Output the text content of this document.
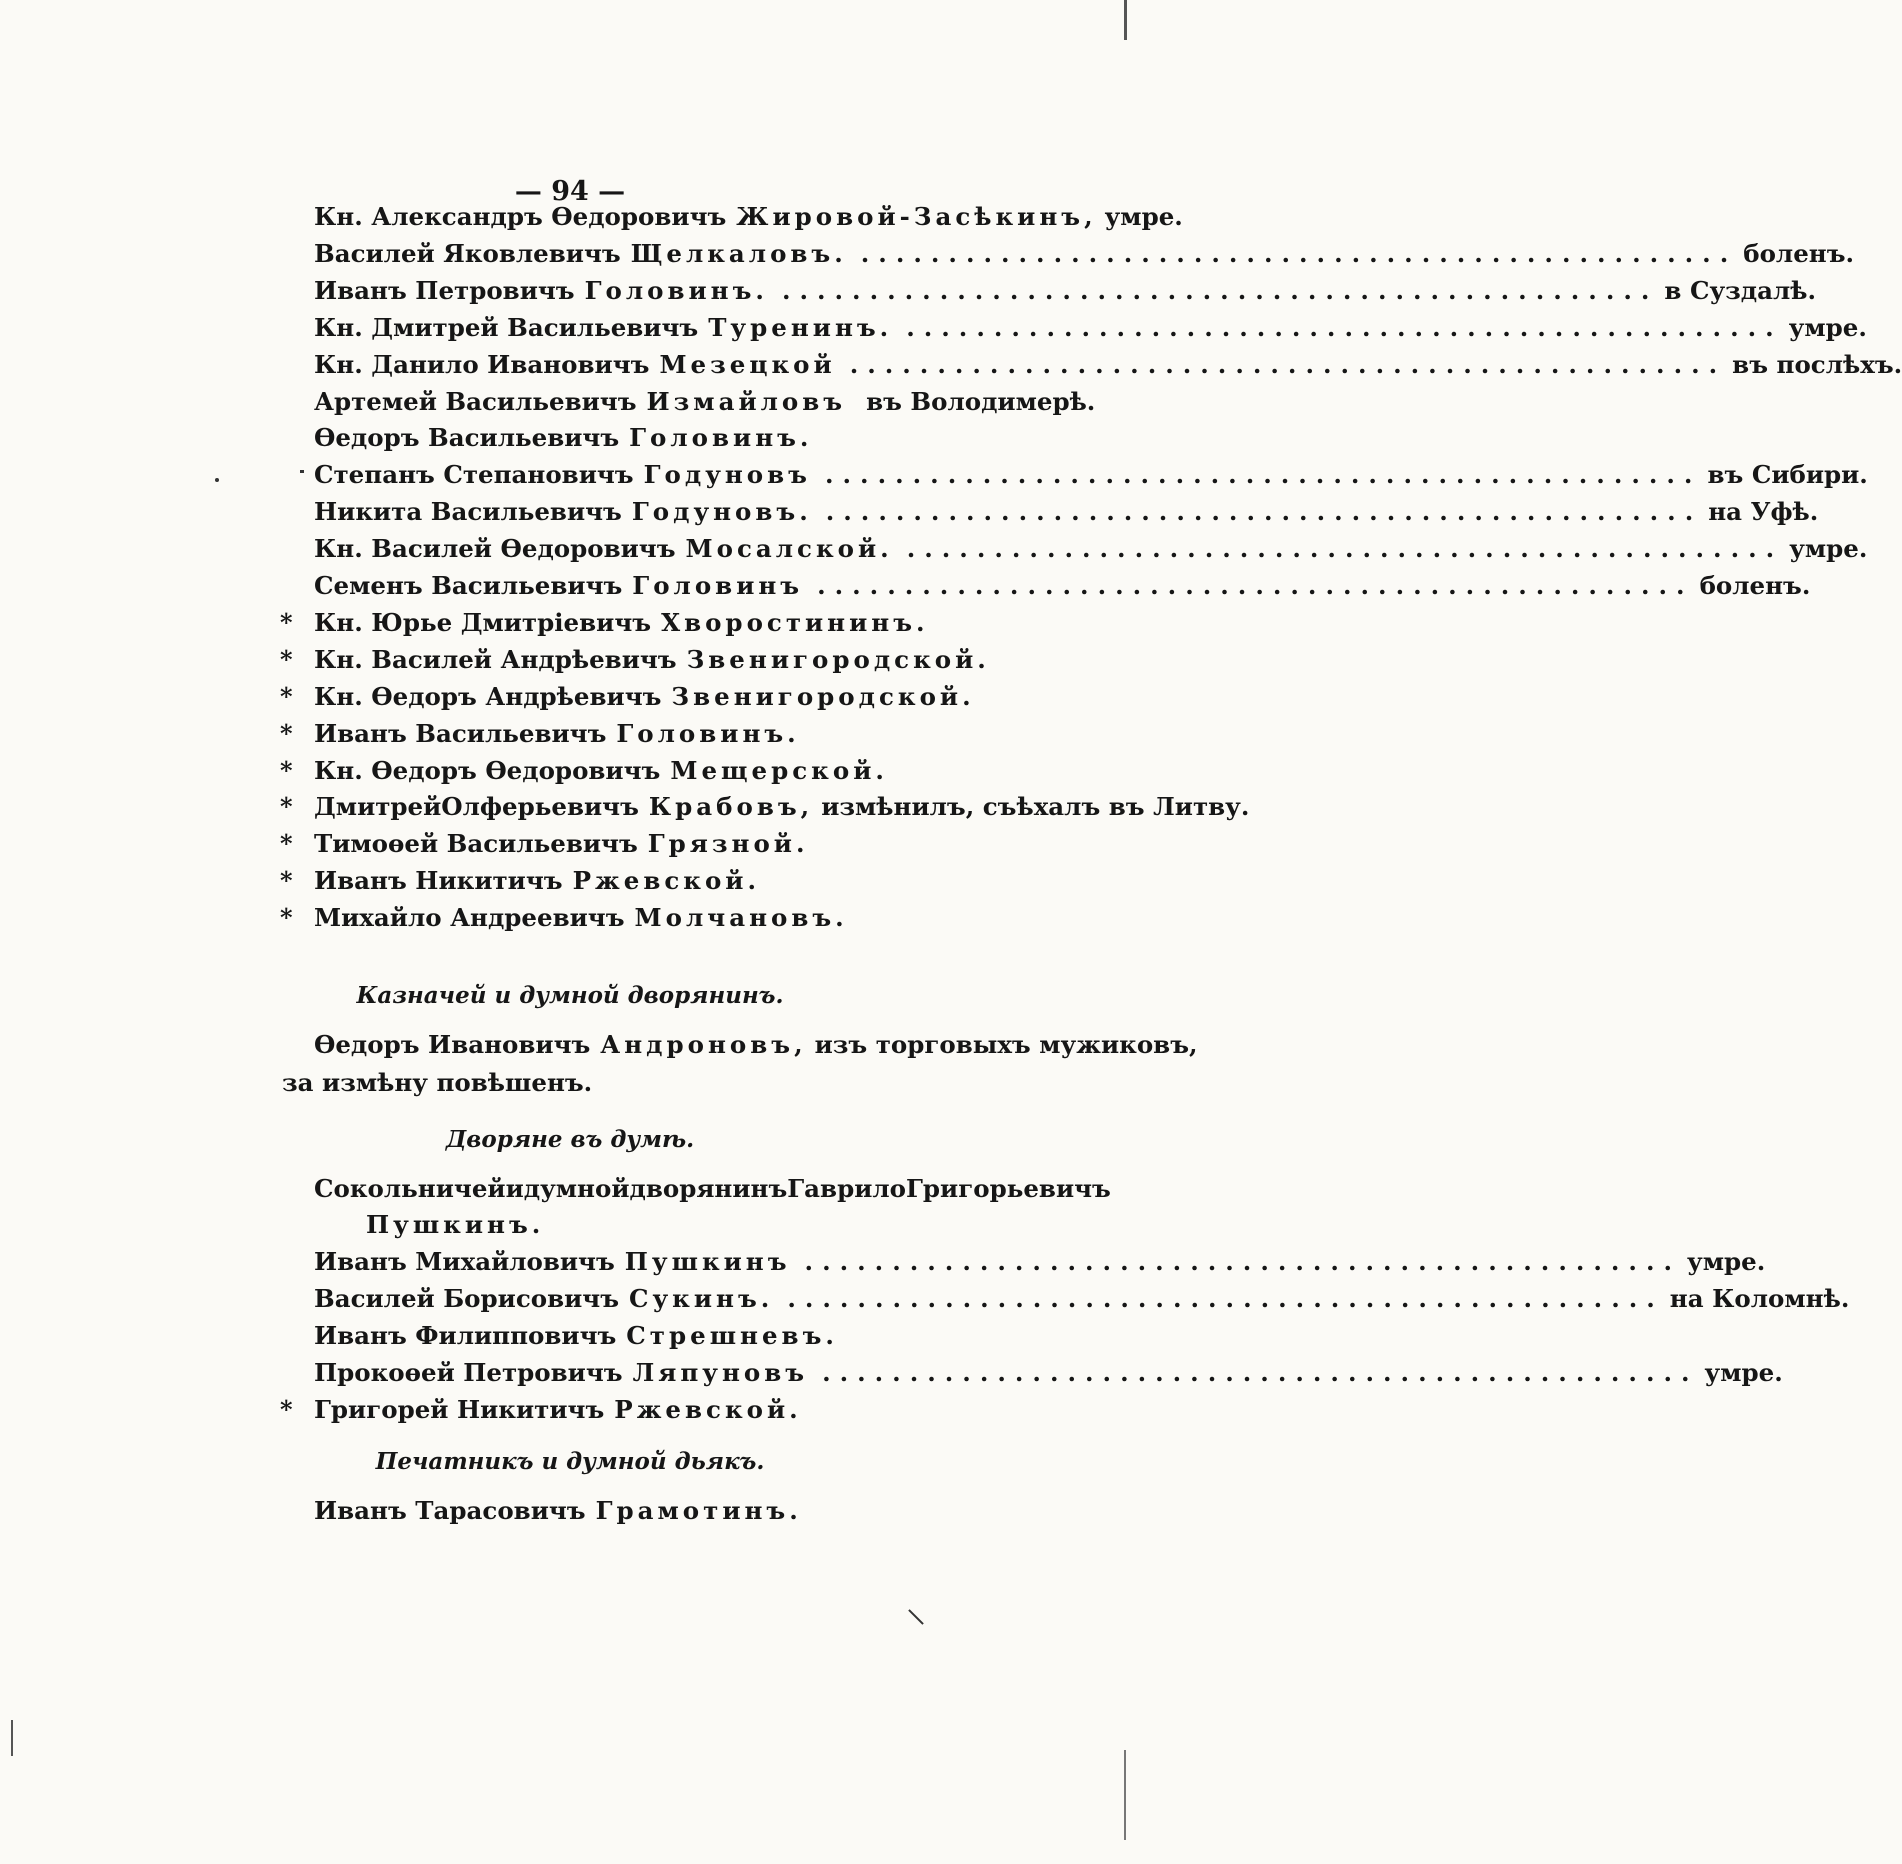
— 94 —
Кн. Александръ Өедоровичъ Жировой-Засѣкинъ, умре.
Василей Яковлевичъ Щелкаловъ. .................................................. боленъ.
Иванъ Петровичъ Головинъ. .................................................. в Суздалѣ.
Кн. Дмитрей Васильевичъ Туренинъ. .................................................. умре.
Кн. Данило Ивановичъ Мезецкой .................................................. въ послѣхъ.
Артемей Васильевичъ Измайловъ въ Володимерѣ.
Өедоръ Васильевичъ Головинъ.
Степанъ Степановичъ Годуновъ .................................................. въ Сибири.
Никита Васильевичъ Годуновъ. .................................................. на Уфѣ.
Кн. Василей Өедоровичъ Мосалской. .................................................. умре.
Семенъ Васильевичъ Головинъ .................................................. боленъ.
* Кн. Юрье Дмитріевичъ Хворостининъ.
* Кн. Василей Андрѣевичъ Звенигородской.
* Кн. Өедоръ Андрѣевичъ Звенигородской.
* Иванъ Васильевичъ Головинъ.
* Кн. Өедоръ Өедоровичъ Мещерской.
* ДмитрейОлферьевичъ Крабовъ, измѣнилъ, съѣхалъ въ Литву.
* Тимоөей Васильевичъ Грязной.
* Иванъ Никитичъ Ржевской.
* Михайло Андреевичъ Молчановъ.
Казначей и думной дворянинъ.
Өедоръ Ивановичъ Андроновъ, изъ торговыхъ мужиковъ,
за измѣну повѣшенъ.
Дворяне въ думѣ.
Сокольничей и думной дворянинъ Гаврило Григорьевичъ
Пушкинъ.
Иванъ Михайловичъ Пушкинъ .................................................. умре.
Василей Борисовичъ Сукинъ. .................................................. на Коломнѣ.
Иванъ Филипповичъ Стрешневъ.
Прокоөей Петровичъ Ляпуновъ .................................................. умре.
* Григорей Никитичъ Ржевской.
Печатникъ и думной дьякъ.
Иванъ Тарасовичъ Грамотинъ.
